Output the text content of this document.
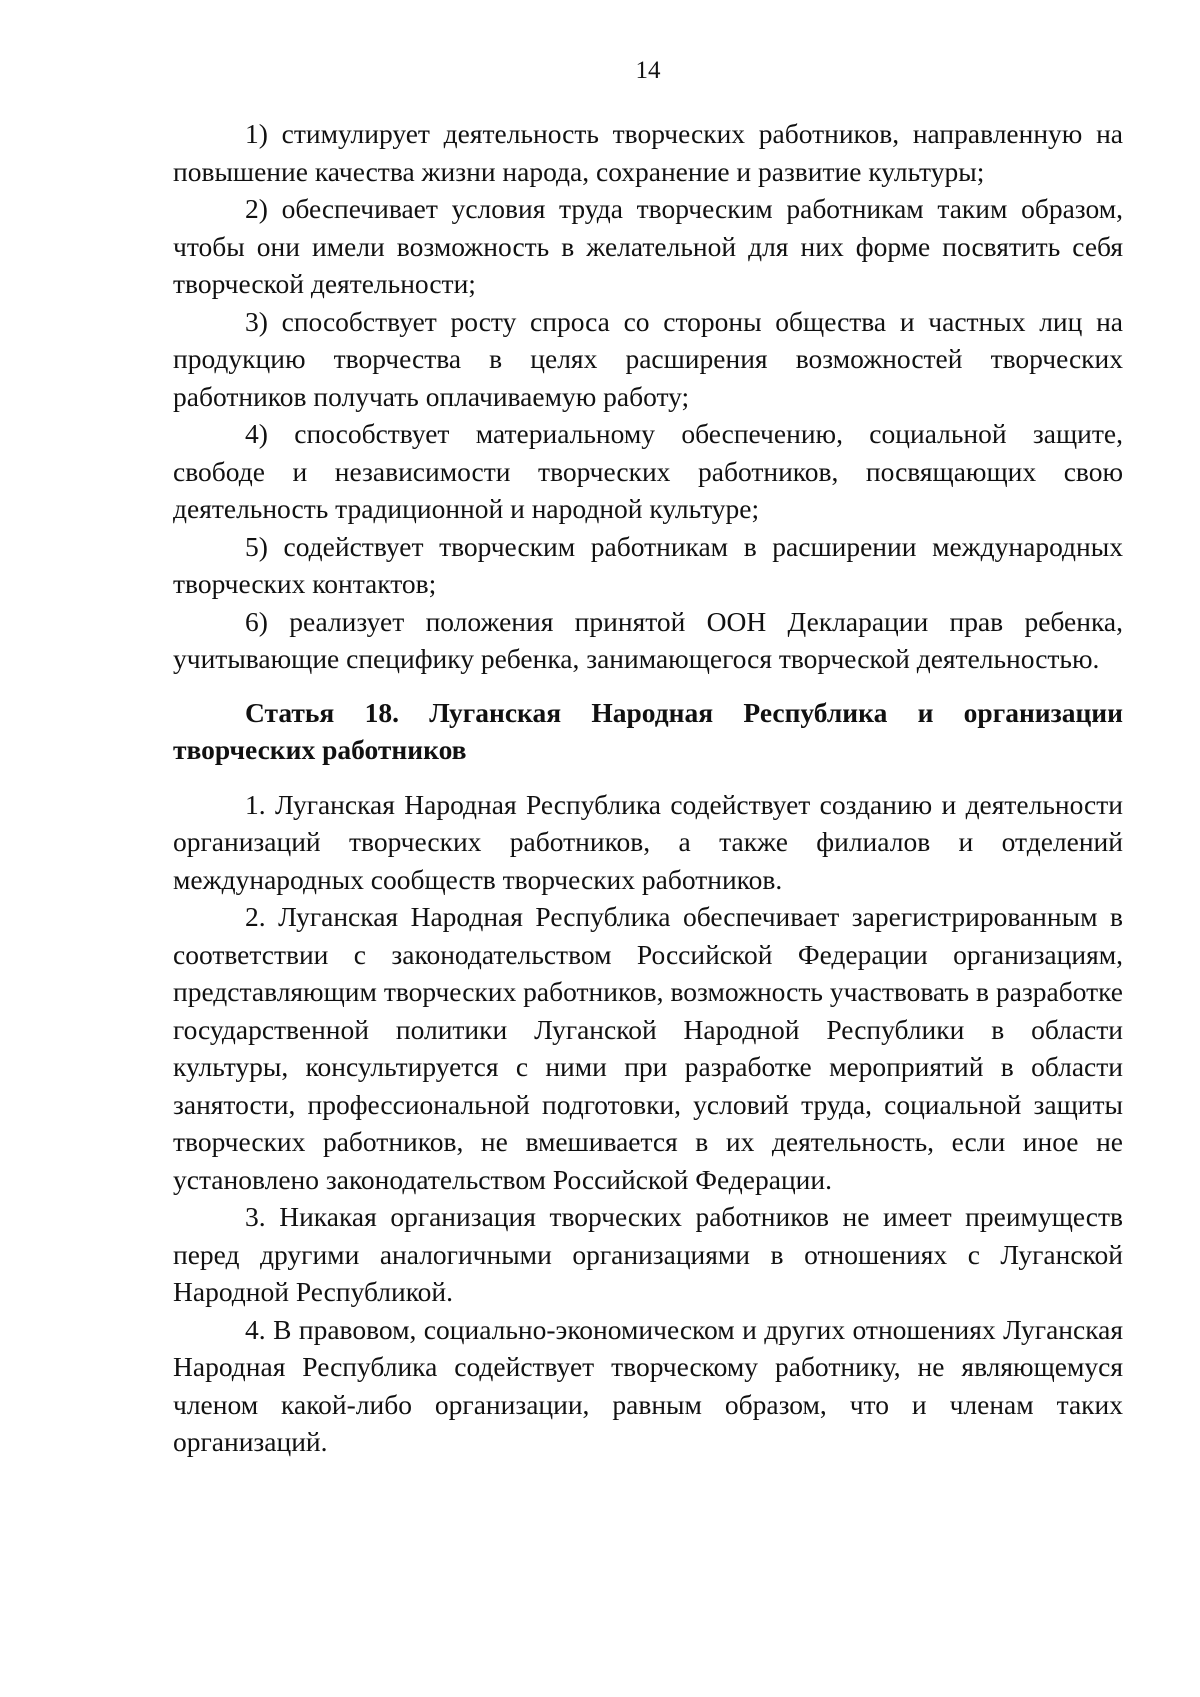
14

1) стимулирует деятельность творческих работников, направленную на повышение качества жизни народа, сохранение и развитие культуры;

2) обеспечивает условия труда творческим работникам таким образом, чтобы они имели возможность в желательной для них форме посвятить себя творческой деятельности;

3) способствует росту спроса со стороны общества и частных лиц на продукцию творчества в целях расширения возможностей творческих работников получать оплачиваемую работу;

4) способствует материальному обеспечению, социальной защите, свободе и независимости творческих работников, посвящающих свою деятельность традиционной и народной культуре;

5) содействует творческим работникам в расширении международных творческих контактов;

6) реализует положения принятой ООН Декларации прав ребенка, учитывающие специфику ребенка, занимающегося творческой деятельностью.

Статья 18. Луганская Народная Республика и организации творческих работников

1. Луганская Народная Республика содействует созданию и деятельности организаций творческих работников, а также филиалов и отделений международных сообществ творческих работников.

2. Луганская Народная Республика обеспечивает зарегистрированным в соответствии с законодательством Российской Федерации организациям, представляющим творческих работников, возможность участвовать в разработке государственной политики Луганской Народной Республики в области культуры, консультируется с ними при разработке мероприятий в области занятости, профессиональной подготовки, условий труда, социальной защиты творческих работников, не вмешивается в их деятельность, если иное не установлено законодательством Российской Федерации.

3. Никакая организация творческих работников не имеет преимуществ перед другими аналогичными организациями в отношениях с Луганской Народной Республикой.

4. В правовом, социально-экономическом и других отношениях Луганская Народная Республика содействует творческому работнику, не являющемуся членом какой-либо организации, равным образом, что и членам таких организаций.
